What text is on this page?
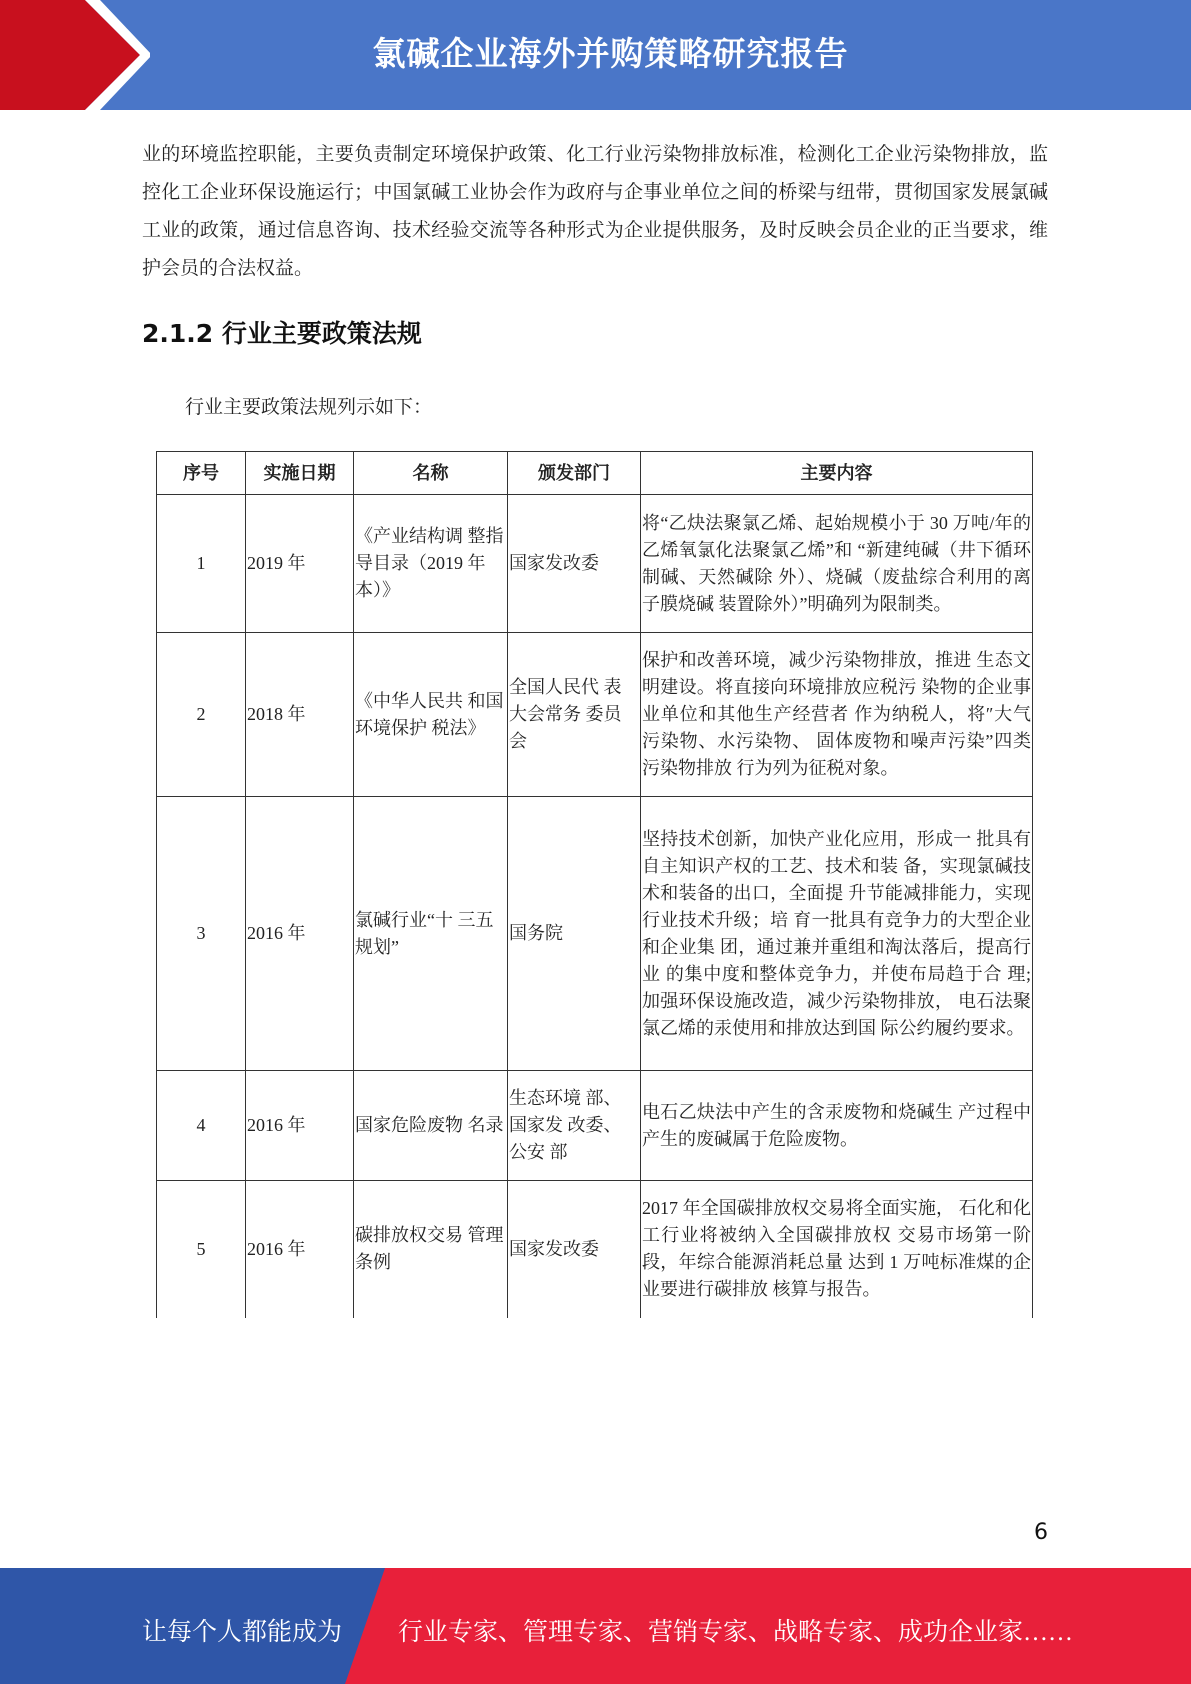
氯碱企业海外并购策略研究报告
业的环境监控职能，主要负责制定环境保护政策、化工行业污染物排放标准，检测化工企业污染物排放，监控化工企业环保设施运行；中国氯碱工业协会作为政府与企事业单位之间的桥梁与纽带，贯彻国家发展氯碱工业的政策，通过信息咨询、技术经验交流等各种形式为企业提供服务，及时反映会员企业的正当要求，维护会员的合法权益。
2.1.2 行业主要政策法规
行业主要政策法规列示如下：
序号	实施日期	名称	颁发部门	主要内容
1	2019 年	《产业结构调 整指导目录（2019 年本）》	国家发改委	将“乙炔法聚氯乙烯、起始规模小于 30 万吨/年的乙烯氧氯化法聚氯乙烯”和 “新建纯碱（井下循环制碱、天然碱除 外）、烧碱（废盐综合利用的离子膜烧碱 装置除外）”明确列为限制类。
2	2018 年	《中华人民共 和国环境保护 税法》	全国人民代 表大会常务 委员会	保护和改善环境，减少污染物排放，推进 生态文明建设。将直接向环境排放应税污 染物的企业事业单位和其他生产经营者 作为纳税人，将″大气污染物、水污染物、 固体废物和噪声污染”四类污染物排放 行为列为征税对象。
3	2016 年	氯碱行业“十 三五规划”	国务院	坚持技术创新，加快产业化应用，形成一 批具有自主知识产权的工艺、技术和装 备，实现氯碱技术和装备的出口，全面提 升节能减排能力，实现行业技术升级；培 育一批具有竞争力的大型企业和企业集 团，通过兼并重组和淘汰落后，提高行业 的集中度和整体竞争力，并使布局趋于合 理;加强环保设施改造，减少污染物排放， 电石法聚氯乙烯的汞使用和排放达到国 际公约履约要求。
4	2016 年	国家危险废物 名录	生态环境 部、国家发 改委、公安 部	电石乙炔法中产生的含汞废物和烧碱生 产过程中产生的废碱属于危险废物。
5	2016 年	碳排放权交易 管理条例	国家发改委	2017 年全国碳排放权交易将全面实施， 石化和化工行业将被纳入全国碳排放权 交易市场第一阶段，年综合能源消耗总量 达到 1 万吨标准煤的企业要进行碳排放 核算与报告。
6
让每个人都能成为 行业专家、管理专家、营销专家、战略专家、成功企业家……
